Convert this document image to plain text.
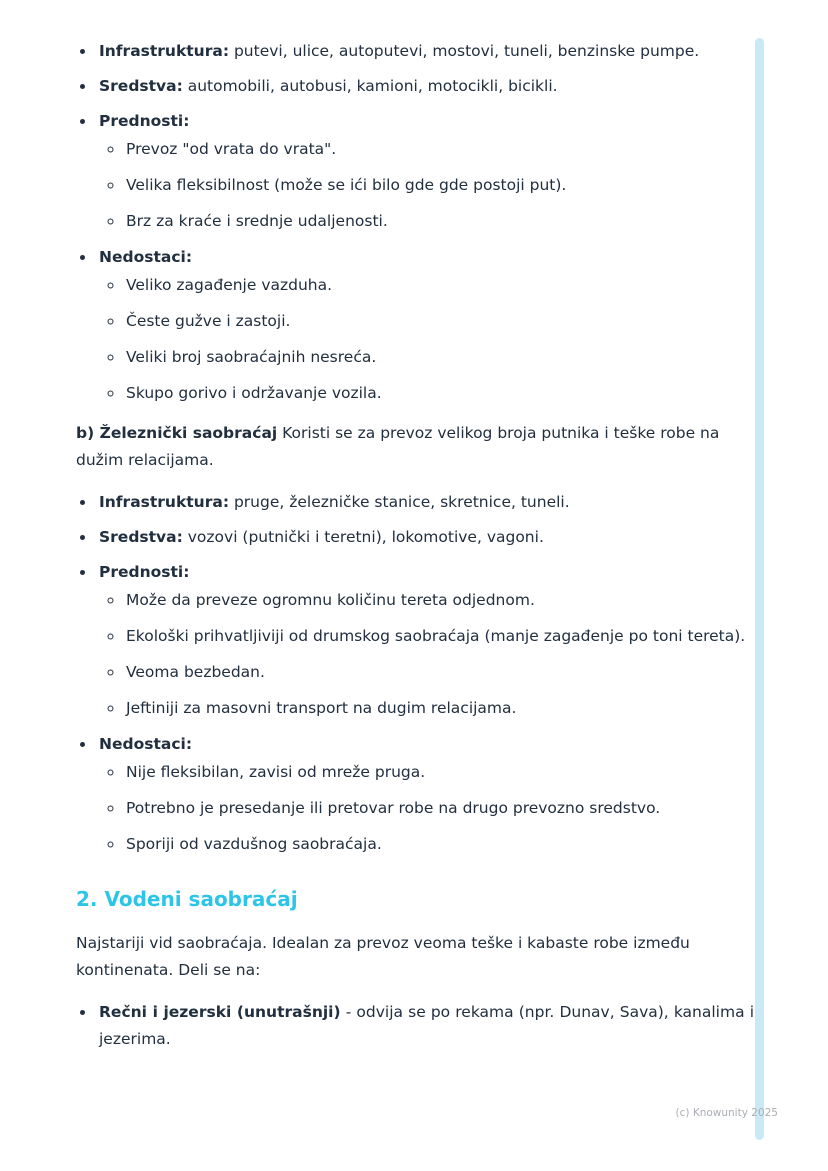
• Infrastruktura: putevi, ulice, autoputevi, mostovi, tuneli, benzinske pumpe.
• Sredstva: automobili, autobusi, kamioni, motocikli, bicikli.
• Prednosti:
◦ Prevoz "od vrata do vrata".
◦ Velika fleksibilnost (može se ići bilo gde gde postoji put).
◦ Brz za kraće i srednje udaljenosti.
• Nedostaci:
◦ Veliko zagađenje vazduha.
◦ Česte gužve i zastoji.
◦ Veliki broj saobraćajnih nesreća.
◦ Skupo gorivo i održavanje vozila.

b) Železnički saobraćaj Koristi se za prevoz velikog broja putnika i teške robe na dužim relacijama.

• Infrastruktura: pruge, železničke stanice, skretnice, tuneli.
• Sredstva: vozovi (putnički i teretni), lokomotive, vagoni.
• Prednosti:
◦ Može da preveze ogromnu količinu tereta odjednom.
◦ Ekološki prihvatljiviji od drumskog saobraćaja (manje zagađenje po toni tereta).
◦ Veoma bezbedan.
◦ Jeftiniji za masovni transport na dugim relacijama.
• Nedostaci:
◦ Nije fleksibilan, zavisi od mreže pruga.
◦ Potrebno je presedanje ili pretovar robe na drugo prevozno sredstvo.
◦ Sporiji od vazdušnog saobraćaja.
2. Vodeni saobraćaj

Najstariji vid saobraćaja. Idealan za prevoz veoma teške i kabaste robe između kontinenata. Deli se na:

• Rečni i jezerski (unutrašnji) - odvija se po rekama (npr. Dunav, Sava), kanalima i jezerima.
(c) Knowunity 2025
